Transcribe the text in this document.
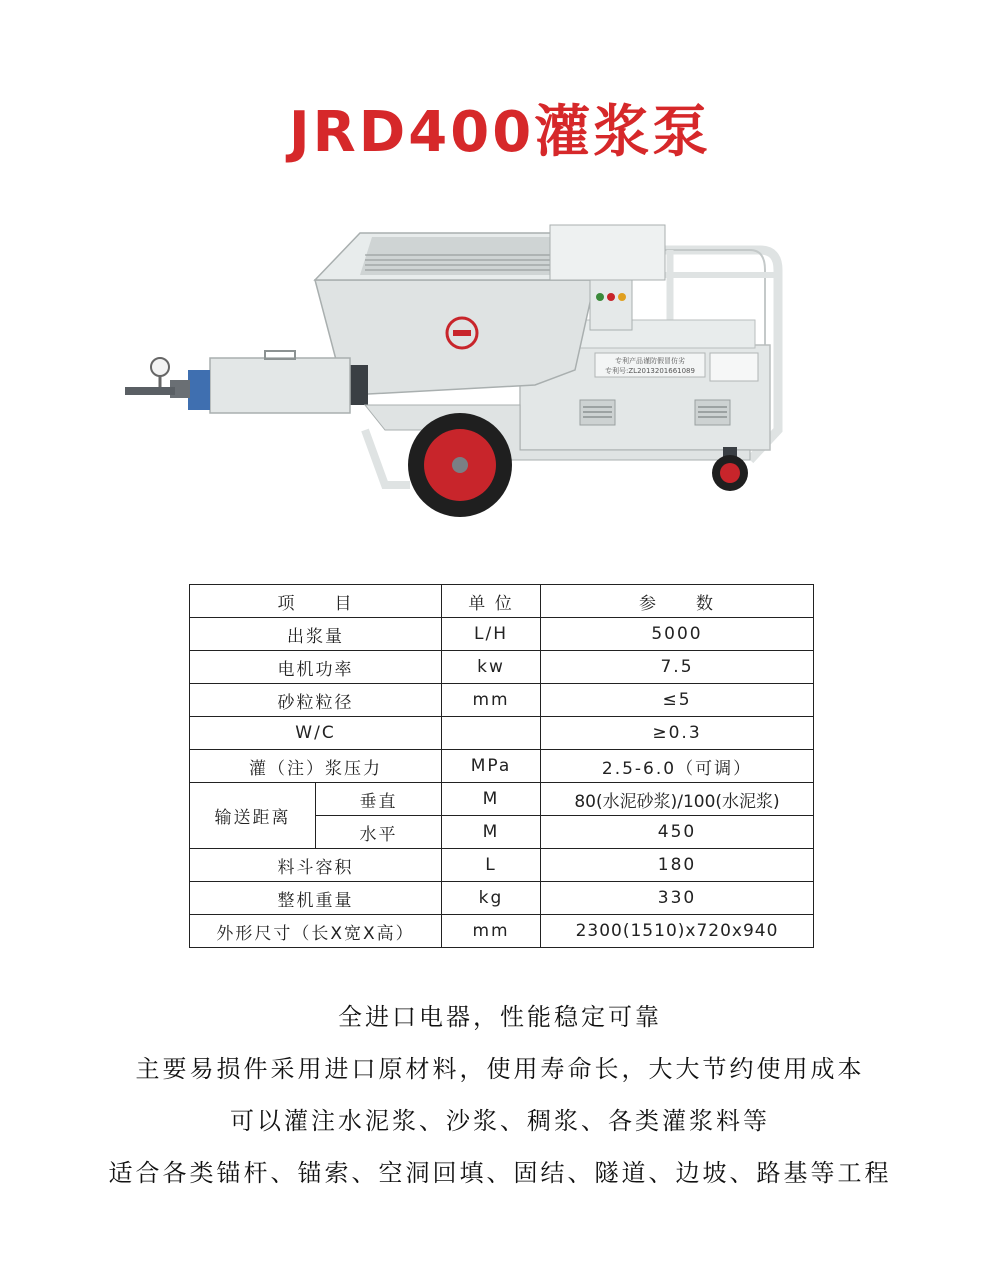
JRD400灌浆泵
专利产品谨防假冒仿劣
专利号:ZL2013201661089
项　　目		单 位	参　　数
出浆量		L/H	5000
电机功率		kw	7.5
砂粒粒径		mm	≤5
W/C			≥0.3
灌（注）浆压力		MPa	2.5-6.0（可调）
输送距离	垂直	M	80(水泥砂浆)/100(水泥浆)
	水平	M	450
料斗容积		L	180
整机重量		kg	330
外形尺寸（长X宽X高）		mm	2300(1510)x720x940
全进口电器，性能稳定可靠
主要易损件采用进口原材料，使用寿命长，大大节约使用成本
可以灌注水泥浆、沙浆、稠浆、各类灌浆料等
适合各类锚杆、锚索、空洞回填、固结、隧道、边坡、路基等工程
